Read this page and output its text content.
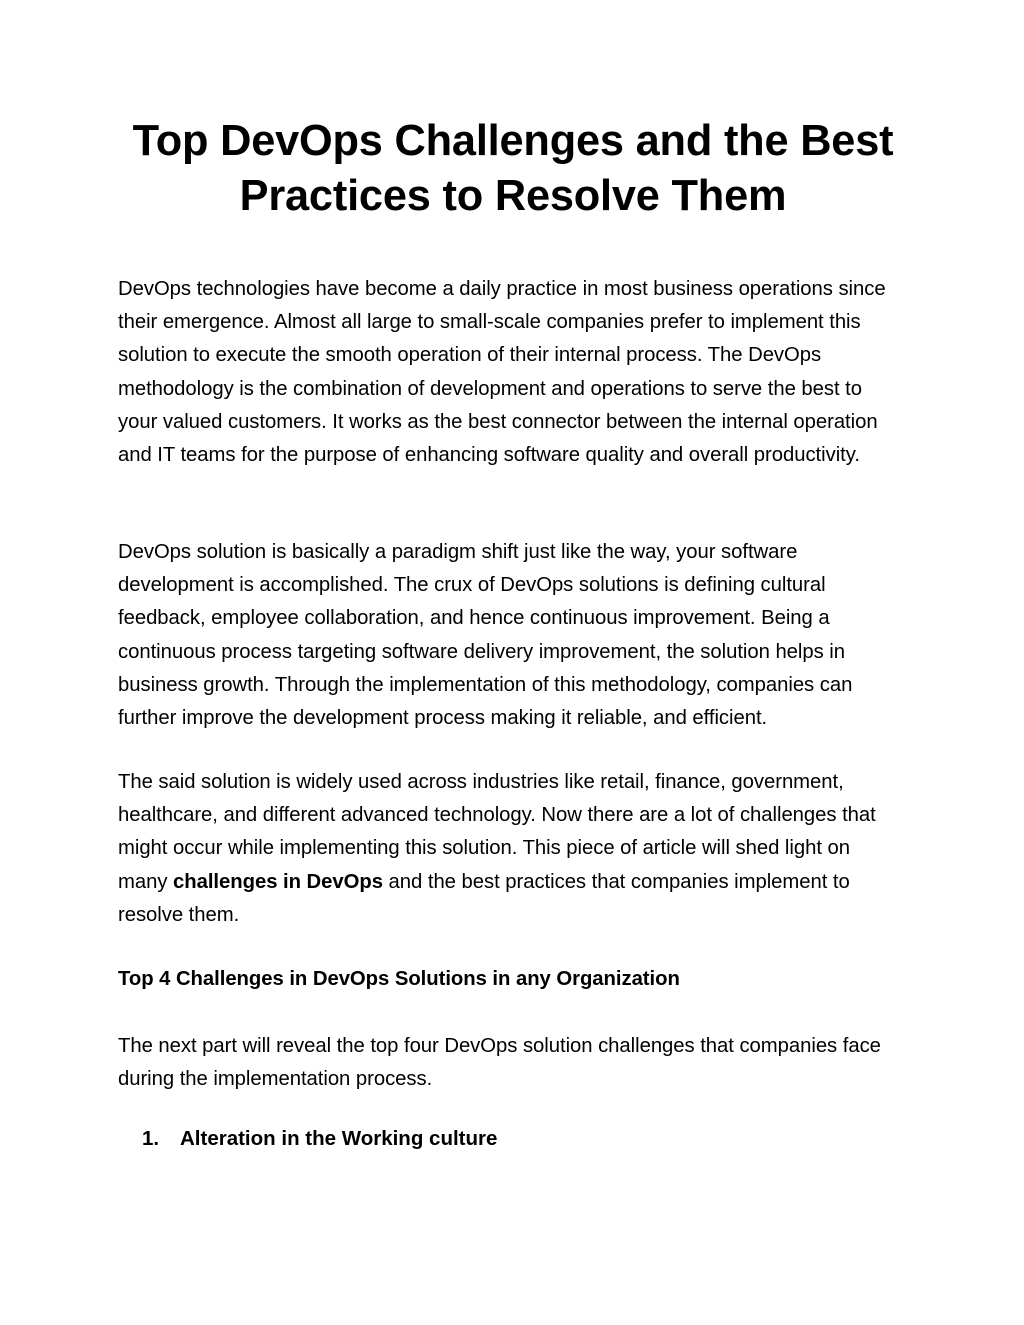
Top DevOps Challenges and the Best
Practices to Resolve Them

DevOps technologies have become a daily practice in most business operations since their emergence. Almost all large to small-scale companies prefer to implement this solution to execute the smooth operation of their internal process. The DevOps methodology is the combination of development and operations to serve the best to your valued customers. It works as the best connector between the internal operation and IT teams for the purpose of enhancing software quality and overall productivity.

DevOps solution is basically a paradigm shift just like the way, your software development is accomplished. The crux of DevOps solutions is defining cultural feedback, employee collaboration, and hence continuous improvement. Being a continuous process targeting software delivery improvement, the solution helps in business growth. Through the implementation of this methodology, companies can further improve the development process making it reliable, and efficient.

The said solution is widely used across industries like retail, finance, government, healthcare, and different advanced technology. Now there are a lot of challenges that might occur while implementing this solution. This piece of article will shed light on many challenges in DevOps and the best practices that companies implement to resolve them.

Top 4 Challenges in DevOps Solutions in any Organization

The next part will reveal the top four DevOps solution challenges that companies face during the implementation process.

1. Alteration in the Working culture
